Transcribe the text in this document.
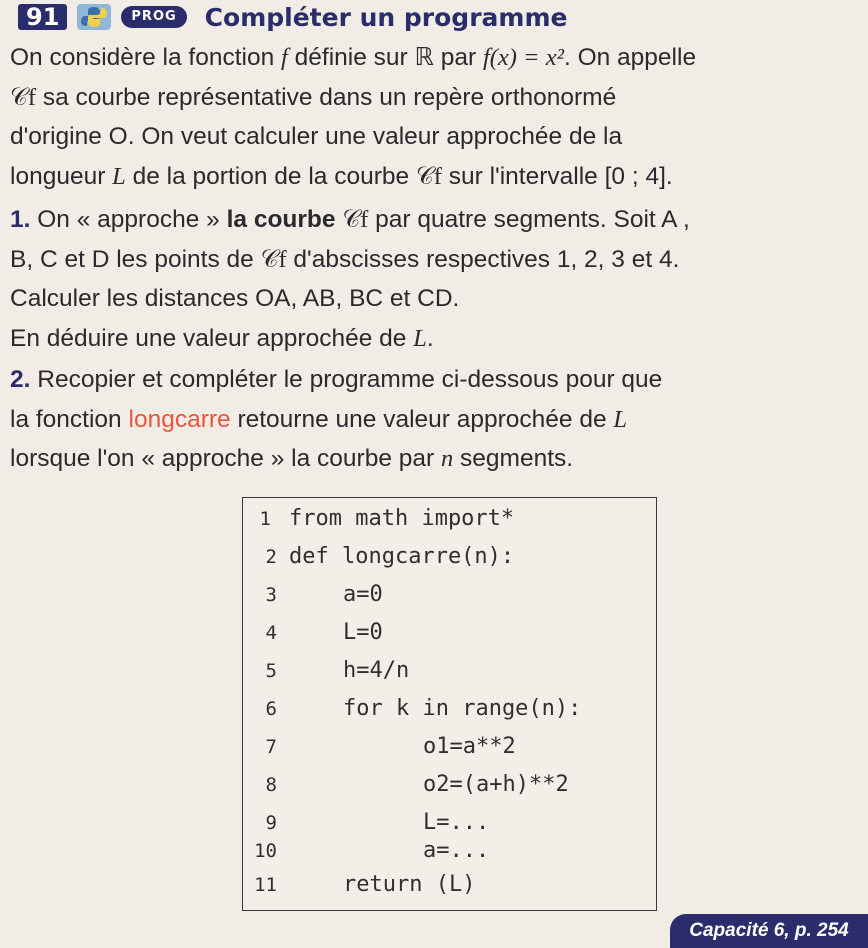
91	PROG	Compléter un programme
On considère la fonction f définie sur ℝ par f(x) = x². On appelle
𝒞f sa courbe représentative dans un repère orthonormé
d'origine O. On veut calculer une valeur approchée de la
longueur L de la portion de la courbe 𝒞f sur l'intervalle [0 ; 4].
1. On « approche » la courbe 𝒞f par quatre segments. Soit A ,
B, C et D les points de 𝒞f d'abscisses respectives 1, 2, 3 et 4.
Calculer les distances OA, AB, BC et CD.
En déduire une valeur approchée de L.
2. Recopier et compléter le programme ci-dessous pour que
la fonction longcarre retourne une valeur approchée de L
lorsque l'on « approche » la courbe par n segments.
1 from math import*
2 def longcarre(n):
3	a=0
4	L=0
5	h=4/n
6	for k in range(n):
7	o1=a**2
8	o2=(a+h)**2
9	L=...
10	a=...
11	return (L)
Capacité 6, p. 254
